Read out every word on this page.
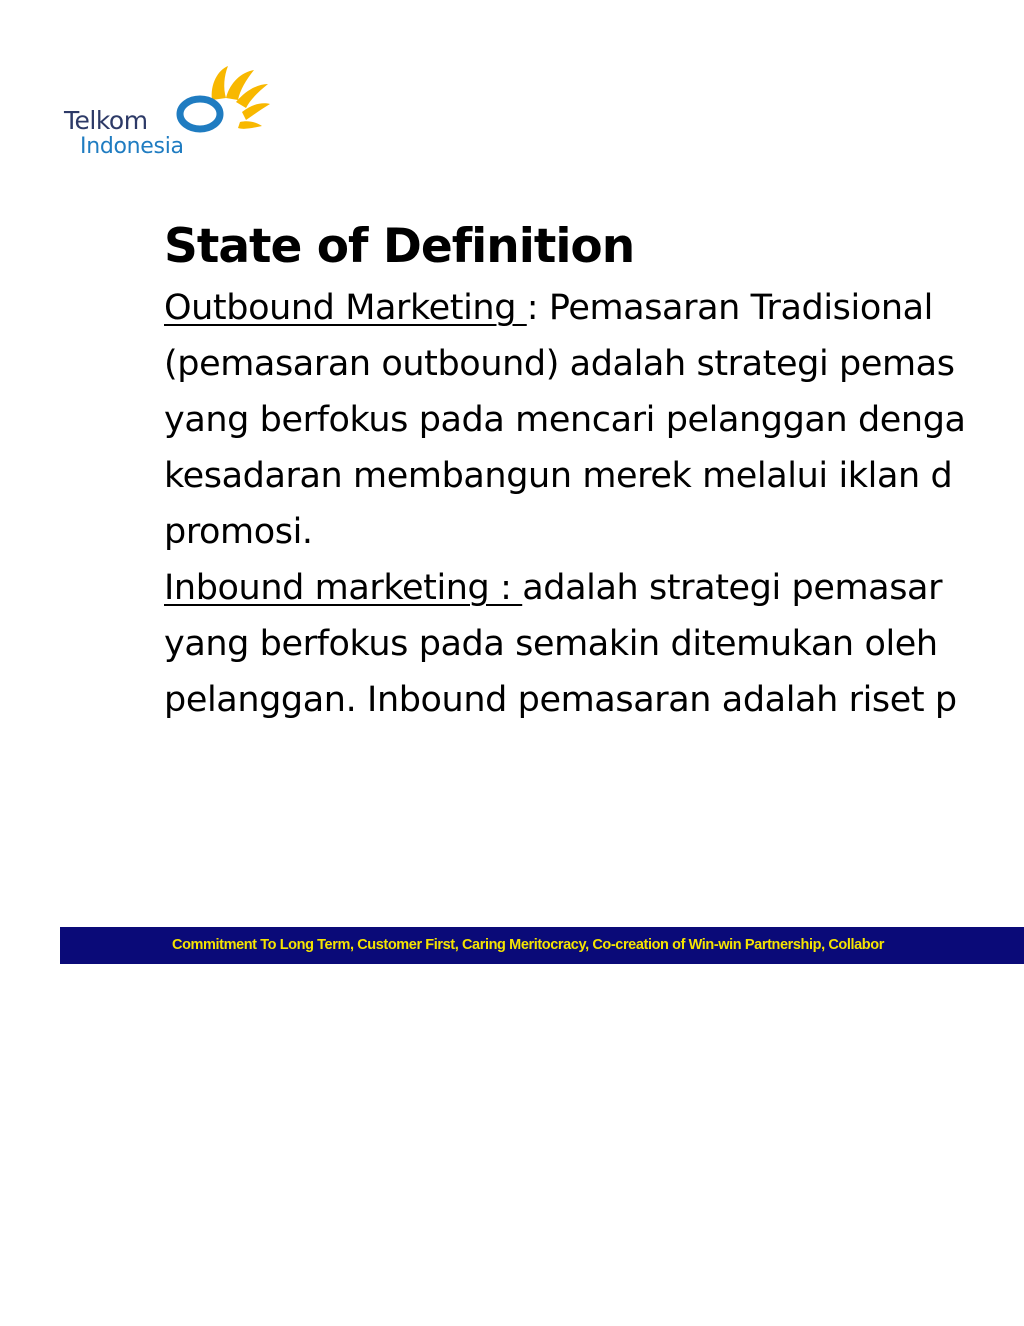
Telkom
Indonesia
State of Definition
Outbound Marketing : Pemasaran Tradisional
(pemasaran outbound) adalah strategi pemas
yang berfokus pada mencari pelanggan denga
kesadaran membangun merek melalui iklan d
promosi.
Inbound marketing : adalah strategi pemasar
yang berfokus pada semakin ditemukan oleh
pelanggan. Inbound pemasaran adalah riset p
Commitment To Long Term, Customer First, Caring Meritocracy, Co-creation of Win-win Partnership, Collabor
